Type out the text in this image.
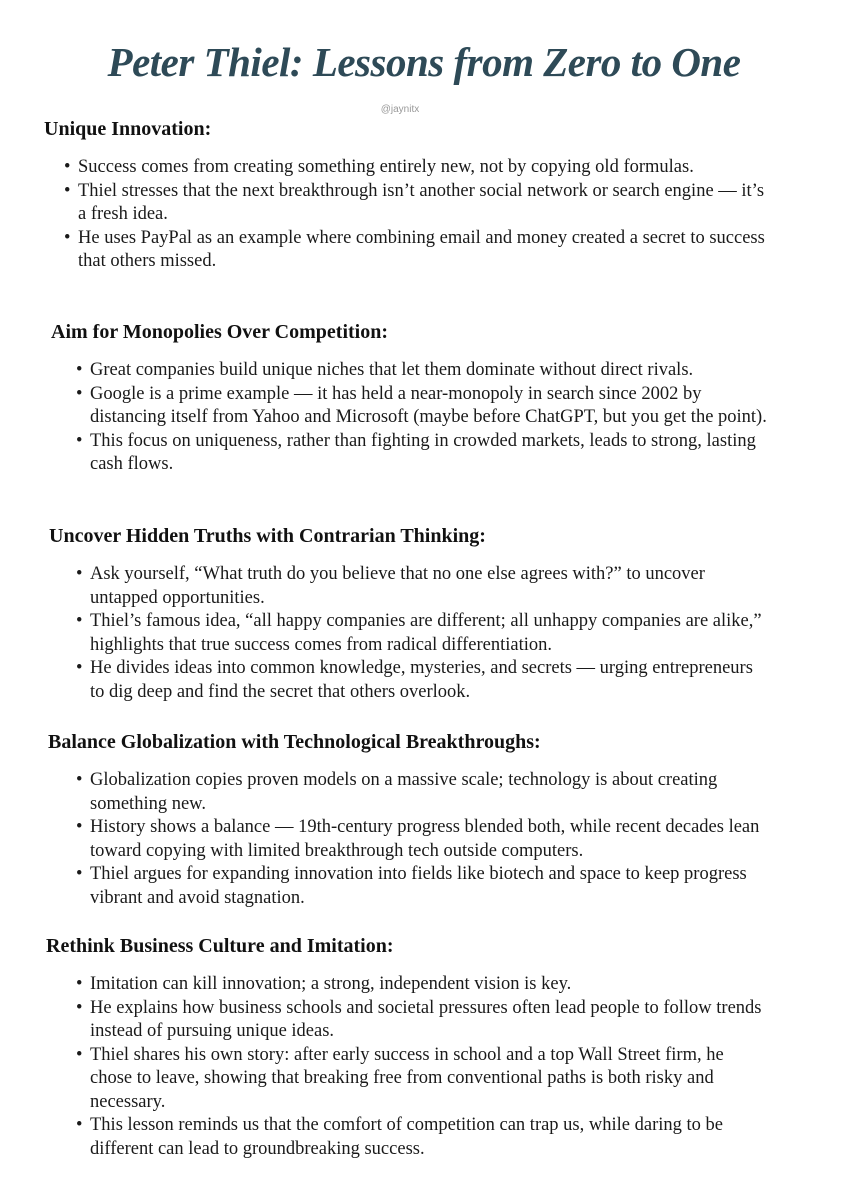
Peter Thiel: Lessons from Zero to One
@jaynitx
Unique Innovation:
• Success comes from creating something entirely new, not by copying old formulas.
• Thiel stresses that the next breakthrough isn’t another social network or search engine — it’s a fresh idea.
• He uses PayPal as an example where combining email and money created a secret to success that others missed.
Aim for Monopolies Over Competition:
• Great companies build unique niches that let them dominate without direct rivals.
• Google is a prime example — it has held a near-monopoly in search since 2002 by distancing itself from Yahoo and Microsoft (maybe before ChatGPT, but you get the point).
• This focus on uniqueness, rather than fighting in crowded markets, leads to strong, lasting cash flows.
Uncover Hidden Truths with Contrarian Thinking:
• Ask yourself, “What truth do you believe that no one else agrees with?” to uncover untapped opportunities.
• Thiel’s famous idea, “all happy companies are different; all unhappy companies are alike,” highlights that true success comes from radical differentiation.
• He divides ideas into common knowledge, mysteries, and secrets — urging entrepreneurs to dig deep and find the secret that others overlook.
Balance Globalization with Technological Breakthroughs:
• Globalization copies proven models on a massive scale; technology is about creating something new.
• History shows a balance — 19th-century progress blended both, while recent decades lean toward copying with limited breakthrough tech outside computers.
• Thiel argues for expanding innovation into fields like biotech and space to keep progress vibrant and avoid stagnation.
Rethink Business Culture and Imitation:
• Imitation can kill innovation; a strong, independent vision is key.
• He explains how business schools and societal pressures often lead people to follow trends instead of pursuing unique ideas.
• Thiel shares his own story: after early success in school and a top Wall Street firm, he chose to leave, showing that breaking free from conventional paths is both risky and necessary.
• This lesson reminds us that the comfort of competition can trap us, while daring to be different can lead to groundbreaking success.
